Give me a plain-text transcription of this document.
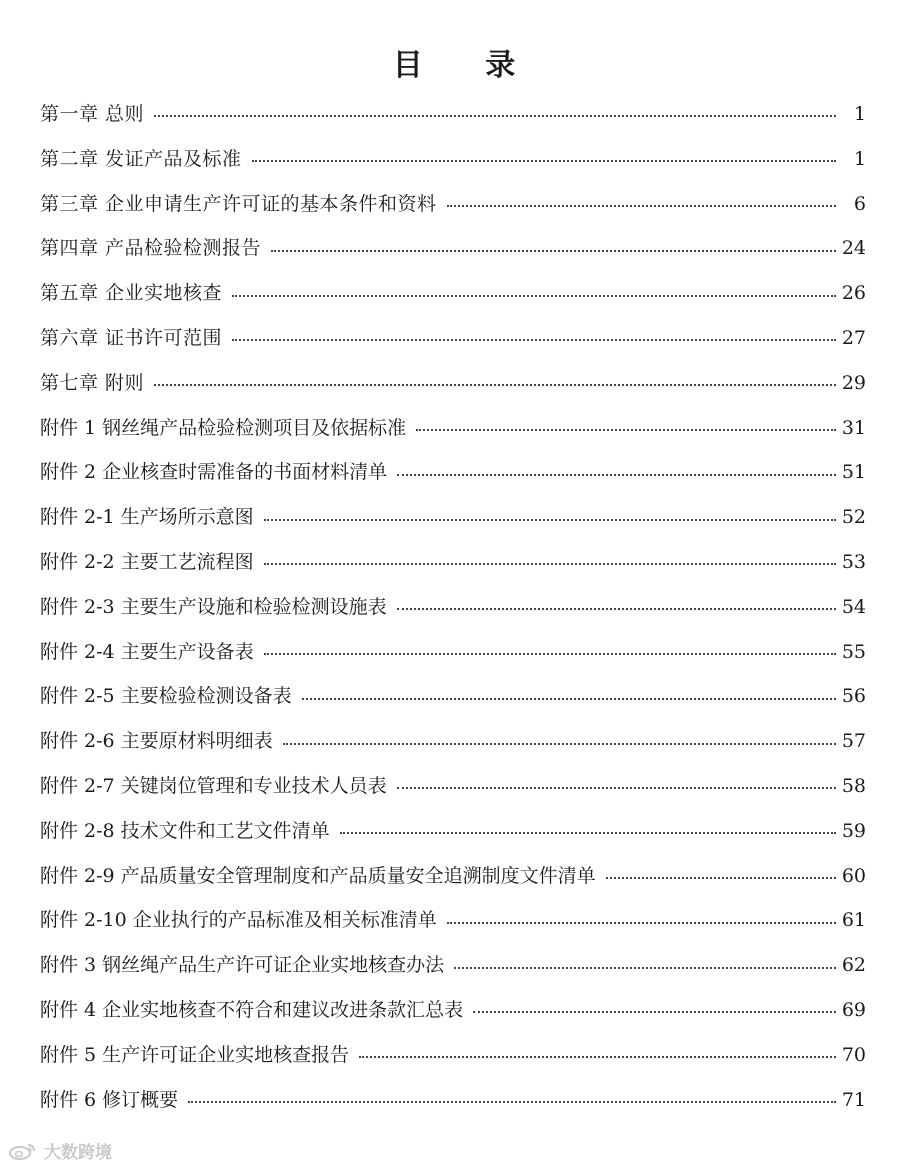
目 录
第一章 总则	1
第二章 发证产品及标准	1
第三章 企业申请生产许可证的基本条件和资料	6
第四章 产品检验检测报告	24
第五章 企业实地核查	26
第六章 证书许可范围	27
第七章 附则	29
附件 1 钢丝绳产品检验检测项目及依据标准	31
附件 2 企业核查时需准备的书面材料清单	51
附件 2-1 生产场所示意图	52
附件 2-2 主要工艺流程图	53
附件 2-3 主要生产设施和检验检测设施表	54
附件 2-4 主要生产设备表	55
附件 2-5 主要检验检测设备表	56
附件 2-6 主要原材料明细表	57
附件 2-7 关键岗位管理和专业技术人员表	58
附件 2-8 技术文件和工艺文件清单	59
附件 2-9 产品质量安全管理制度和产品质量安全追溯制度文件清单	60
附件 2-10 企业执行的产品标准及相关标准清单	61
附件 3 钢丝绳产品生产许可证企业实地核查办法	62
附件 4 企业实地核查不符合和建议改进条款汇总表	69
附件 5 生产许可证企业实地核查报告	70
附件 6 修订概要	71
大数跨境
